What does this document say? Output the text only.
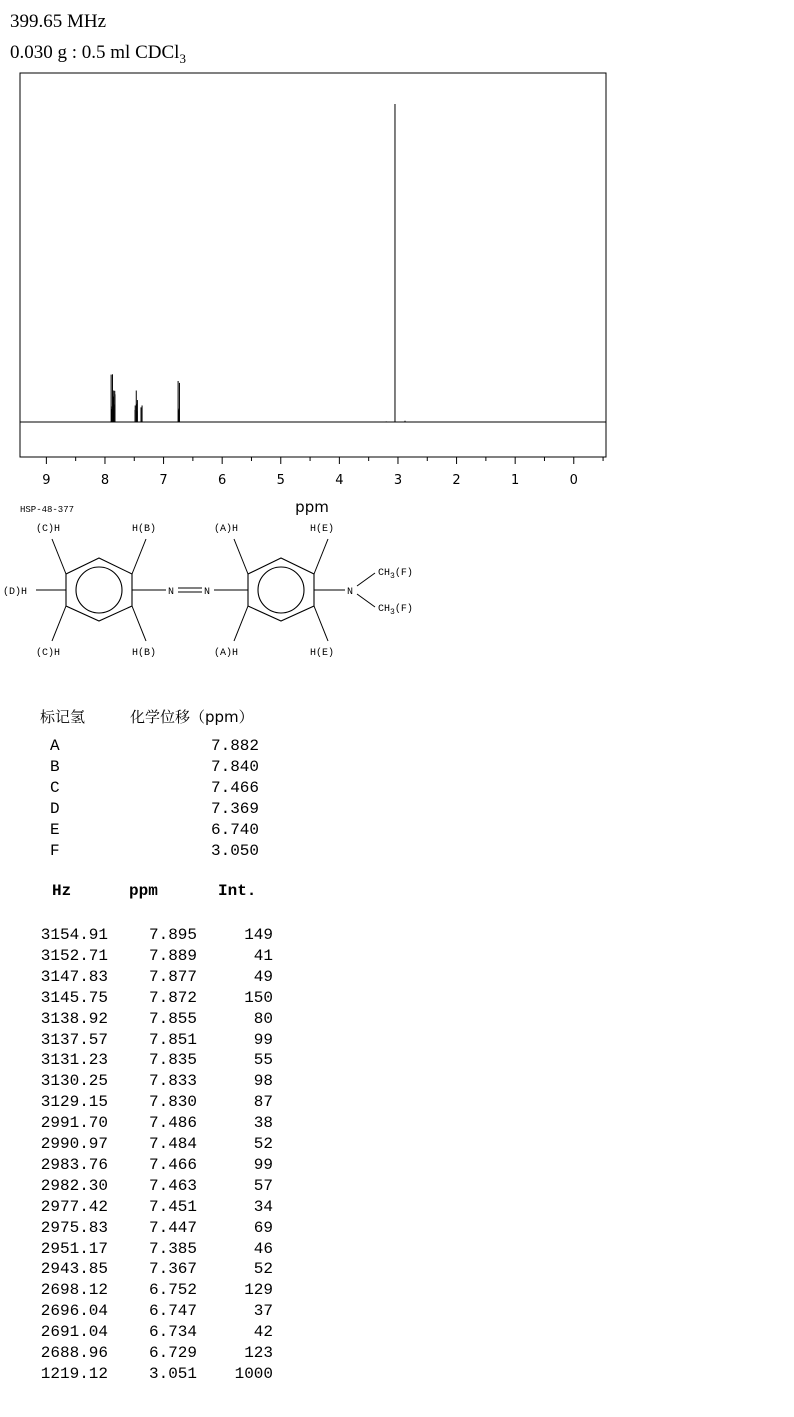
399.65 MHz
0.030 g : 0.5 ml CDCl$_3$
9	8	7	6	5	4	3	2	1	0
ppm
HSP-48-377
(C)H	H(B)	(A)H	H(E)
(D)H
(C)H	H(B)	(A)H	H(E)
N	N	N
$CH_3(F)$
$CH_3(F)$
标记氢	化学位移（ppm）
A	7.882
B	7.840
C	7.466
D	7.369
E	6.740
F	3.050
Hz	ppm	Int.
3154.91	7.895	149
3152.71	7.889	41
3147.83	7.877	49
3145.75	7.872	150
3138.92	7.855	80
3137.57	7.851	99
3131.23	7.835	55
3130.25	7.833	98
3129.15	7.830	87
2991.70	7.486	38
2990.97	7.484	52
2983.76	7.466	99
2982.30	7.463	57
2977.42	7.451	34
2975.83	7.447	69
2951.17	7.385	46
2943.85	7.367	52
2698.12	6.752	129
2696.04	6.747	37
2691.04	6.734	42
2688.96	6.729	123
1219.12	3.051	1000
